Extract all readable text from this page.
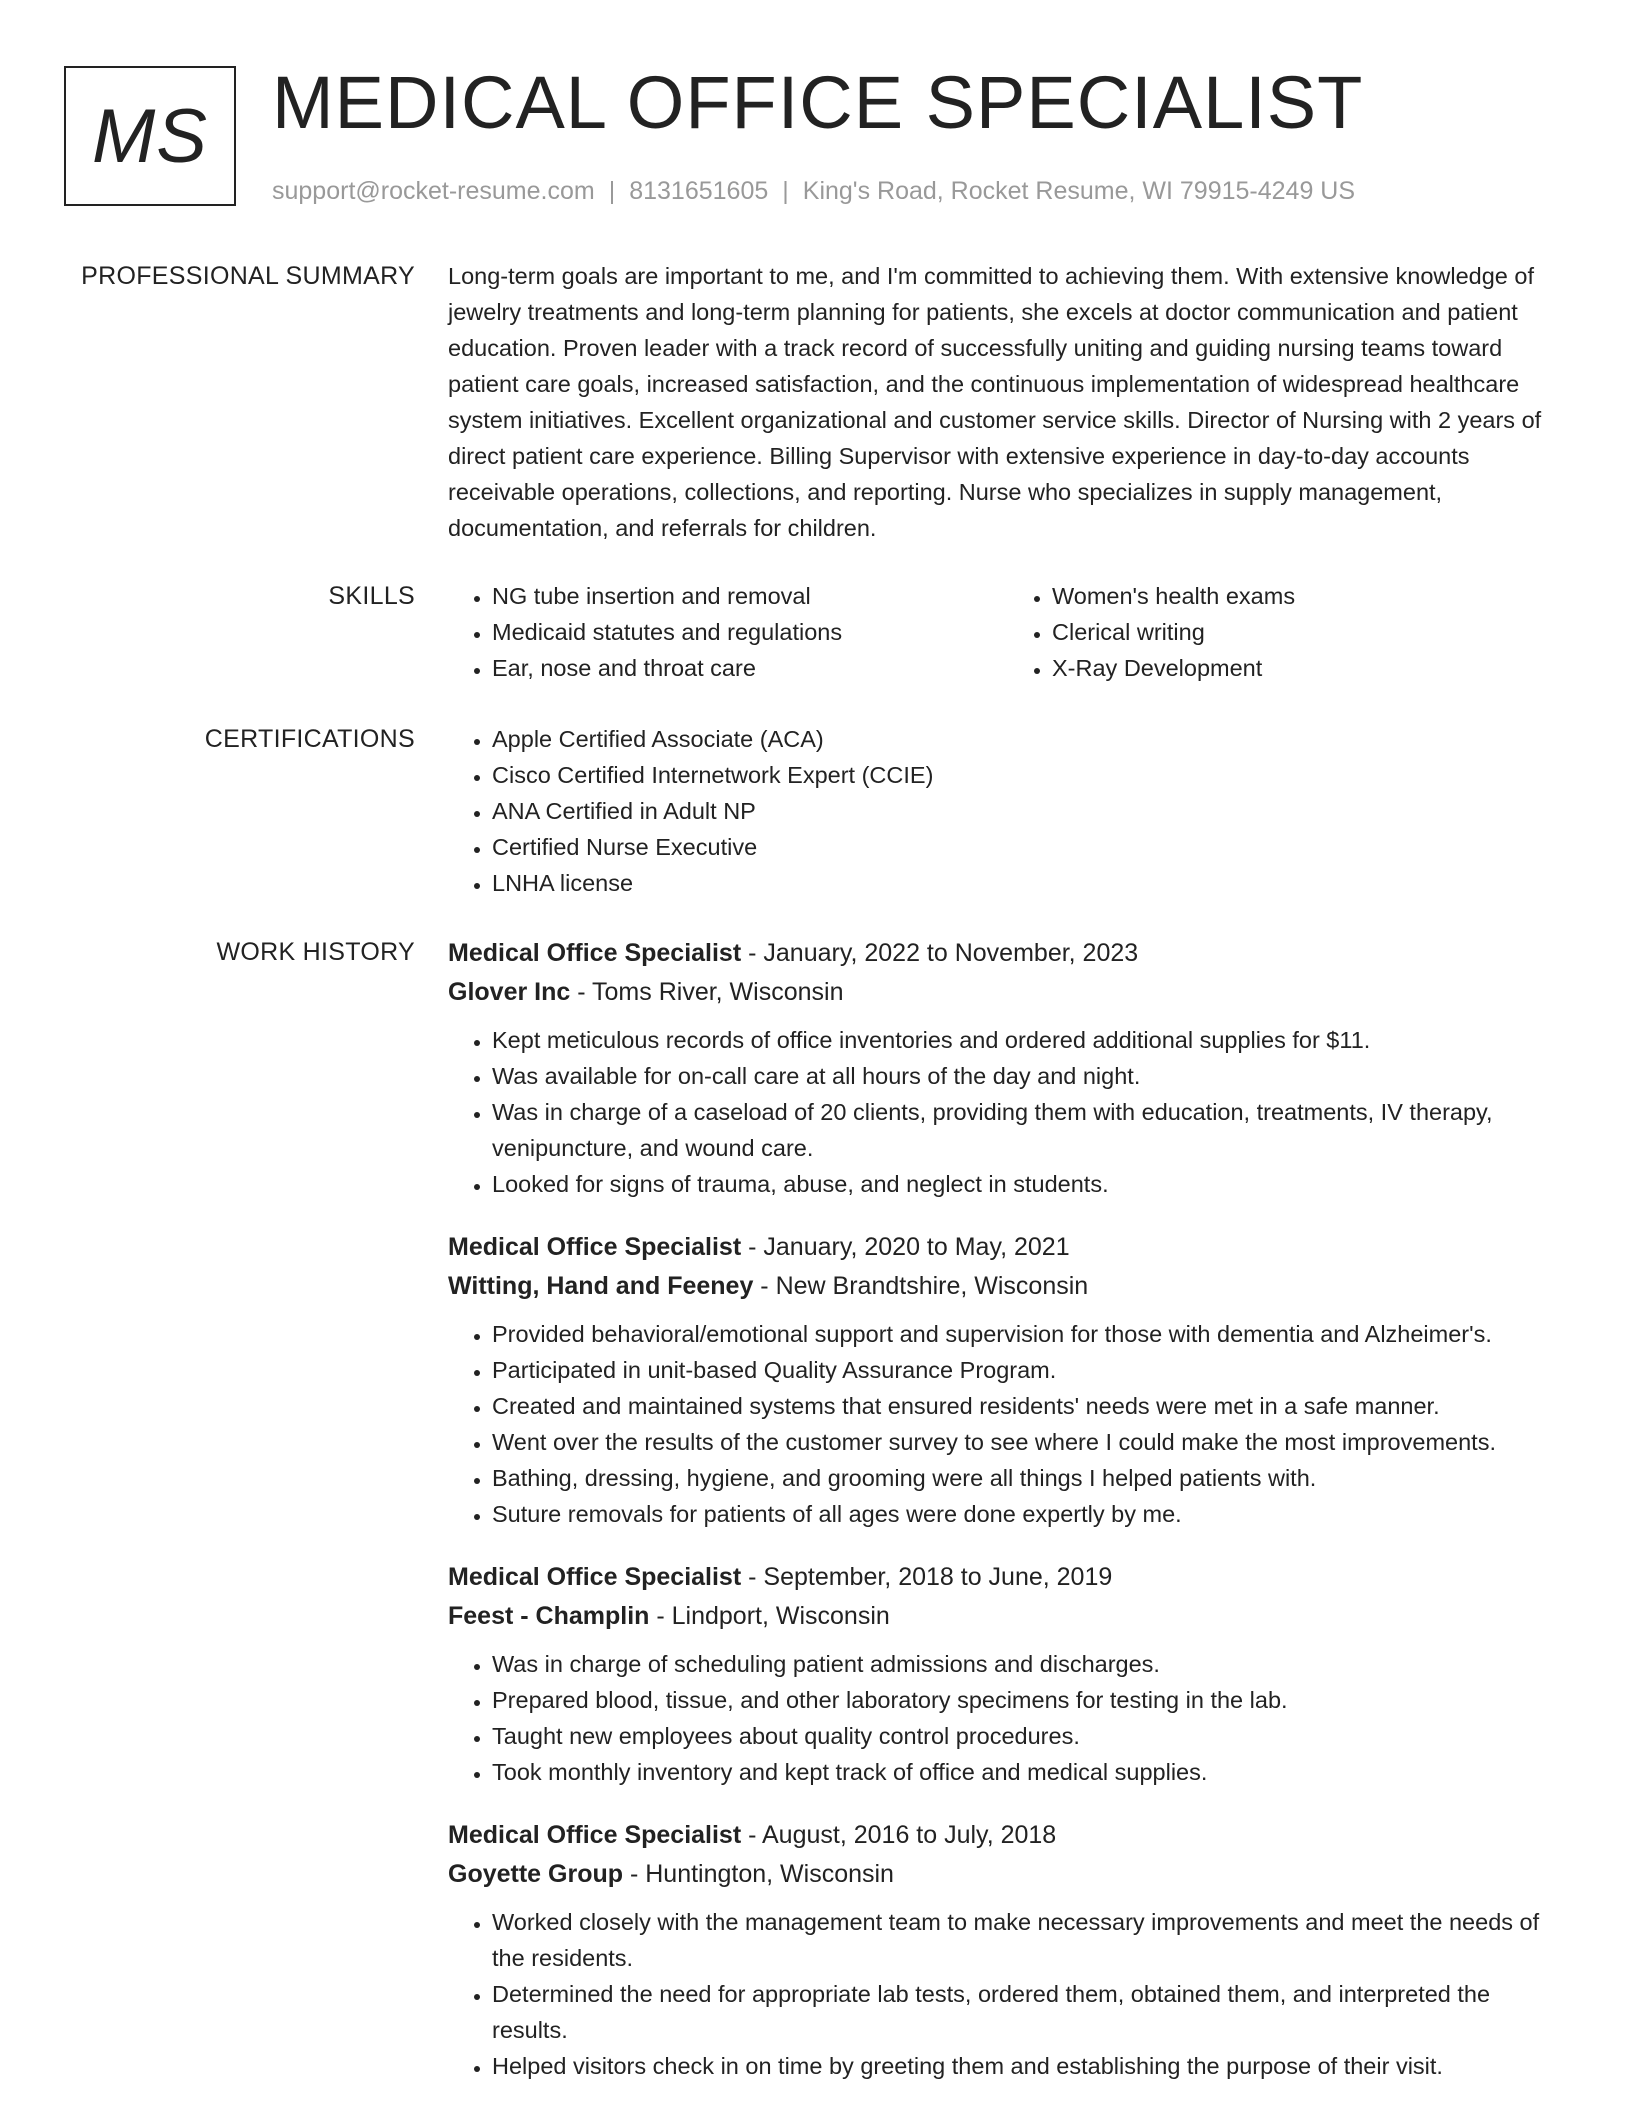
MS MEDICAL OFFICE SPECIALIST
support@rocket-resume.com | 8131651605 | King's Road, Rocket Resume, WI 79915-4249 US
PROFESSIONAL SUMMARY Long-term goals are important to me, and I'm committed to achieving them. With extensive knowledge of jewelry treatments and long-term planning for patients, she excels at doctor communication and patient education. Proven leader with a track record of successfully uniting and guiding nursing teams toward patient care goals, increased satisfaction, and the continuous implementation of widespread healthcare system initiatives. Excellent organizational and customer service skills. Director of Nursing with 2 years of direct patient care experience. Billing Supervisor with extensive experience in day-to-day accounts receivable operations, collections, and reporting. Nurse who specializes in supply management, documentation, and referrals for children.

SKILLS	• NG tube insertion and removal
• Medicaid statutes and regulations
• Ear, nose and throat care
• Women's health exams
• Clerical writing
• X-Ray Development
CERTIFICATIONS	• Apple Certified Associate (ACA)
• Cisco Certified Internetwork Expert (CCIE)
• ANA Certified in Adult NP
• Certified Nurse Executive
• LNHA license
WORK HISTORY Medical Office Specialist - January, 2022 to November, 2023
Glover Inc - Toms River, Wisconsin
• Kept meticulous records of office inventories and ordered additional supplies for $11.
• Was available for on-call care at all hours of the day and night.
• Was in charge of a caseload of 20 clients, providing them with education, treatments, IV therapy, venipuncture, and wound care.
• Looked for signs of trauma, abuse, and neglect in students.
Medical Office Specialist - January, 2020 to May, 2021
Witting, Hand and Feeney - New Brandtshire, Wisconsin
• Provided behavioral/emotional support and supervision for those with dementia and Alzheimer's.
• Participated in unit-based Quality Assurance Program.
• Created and maintained systems that ensured residents' needs were met in a safe manner.
• Went over the results of the customer survey to see where I could make the most improvements.
• Bathing, dressing, hygiene, and grooming were all things I helped patients with.
• Suture removals for patients of all ages were done expertly by me.
Medical Office Specialist - September, 2018 to June, 2019
Feest - Champlin - Lindport, Wisconsin
• Was in charge of scheduling patient admissions and discharges.
• Prepared blood, tissue, and other laboratory specimens for testing in the lab.
• Taught new employees about quality control procedures.
• Took monthly inventory and kept track of office and medical supplies.
Medical Office Specialist - August, 2016 to July, 2018
Goyette Group - Huntington, Wisconsin
• Worked closely with the management team to make necessary improvements and meet the needs of the residents.
• Determined the need for appropriate lab tests, ordered them, obtained them, and interpreted the results.
• Helped visitors check in on time by greeting them and establishing the purpose of their visit.
